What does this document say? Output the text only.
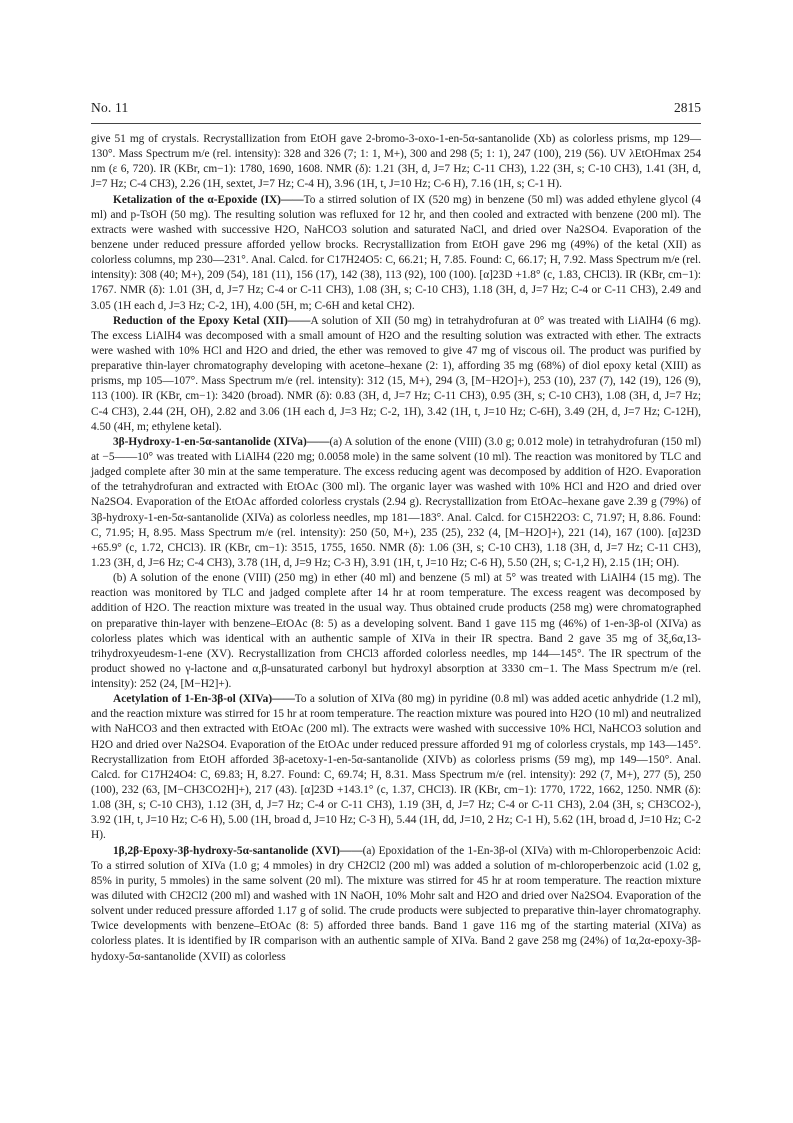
No. 11	2815

give 51 mg of crystals. Recrystallization from EtOH gave 2-bromo-3-oxo-1-en-5α-santanolide (Xb) as colorless prisms, mp 129—130°. Mass Spectrum m/e (rel. intensity): 328 and 326 (7; 1: 1, M+), 300 and 298 (5; 1: 1), 247 (100), 219 (56). UV λEtOHmax 254 nm (ε 6, 720). IR (KBr, cm−1): 1780, 1690, 1608. NMR (δ): 1.21 (3H, d, J=7 Hz; C-11 CH3), 1.22 (3H, s; C-10 CH3), 1.41 (3H, d, J=7 Hz; C-4 CH3), 2.26 (1H, sextet, J=7 Hz; C-4 H), 3.96 (1H, t, J=10 Hz; C-6 H), 7.16 (1H, s; C-1 H).

Ketalization of the α-Epoxide (IX)——To a stirred solution of IX (520 mg) in benzene (50 ml) was added ethylene glycol (4 ml) and p-TsOH (50 mg). The resulting solution was refluxed for 12 hr, and then cooled and extracted with benzene (200 ml). The extracts were washed with successive H2O, NaHCO3 solution and saturated NaCl, and dried over Na2SO4. Evaporation of the benzene under reduced pressure afforded yellow brocks. Recrystallization from EtOH gave 296 mg (49%) of the ketal (XII) as colorless columns, mp 230—231°. Anal. Calcd. for C17H24O5: C, 66.21; H, 7.85. Found: C, 66.17; H, 7.92. Mass Spectrum m/e (rel. intensity): 308 (40; M+), 209 (54), 181 (11), 156 (17), 142 (38), 113 (92), 100 (100). [α]23D +1.8° (c, 1.83, CHCl3). IR (KBr, cm−1): 1767. NMR (δ): 1.01 (3H, d, J=7 Hz; C-4 or C-11 CH3), 1.08 (3H, s; C-10 CH3), 1.18 (3H, d, J=7 Hz; C-4 or C-11 CH3), 2.49 and 3.05 (1H each d, J=3 Hz; C-2, 1H), 4.00 (5H, m; C-6H and ketal CH2).

Reduction of the Epoxy Ketal (XII)——A solution of XII (50 mg) in tetrahydrofuran at 0° was treated with LiAlH4 (6 mg). The excess LiAlH4 was decomposed with a small amount of H2O and the resulting solution was extracted with ether. The extracts were washed with 10% HCl and H2O and dried, the ether was removed to give 47 mg of viscous oil. The product was purified by preparative thin-layer chromatography developing with acetone–hexane (2: 1), affording 35 mg (68%) of diol epoxy ketal (XIII) as prisms, mp 105—107°. Mass Spectrum m/e (rel. intensity): 312 (15, M+), 294 (3, [M−H2O]+), 253 (10), 237 (7), 142 (19), 126 (9), 113 (100). IR (KBr, cm−1): 3420 (broad). NMR (δ): 0.83 (3H, d, J=7 Hz; C-11 CH3), 0.95 (3H, s; C-10 CH3), 1.08 (3H, d, J=7 Hz; C-4 CH3), 2.44 (2H, OH), 2.82 and 3.06 (1H each d, J=3 Hz; C-2, 1H), 3.42 (1H, t, J=10 Hz; C-6H), 3.49 (2H, d, J=7 Hz; C-12H), 4.50 (4H, m; ethylene ketal).

3β-Hydroxy-1-en-5α-santanolide (XIVa)——(a) A solution of the enone (VIII) (3.0 g; 0.012 mole) in tetrahydrofuran (150 ml) at −5——10° was treated with LiAlH4 (220 mg; 0.0058 mole) in the same solvent (10 ml). The reaction was monitored by TLC and jadged complete after 30 min at the same temperature. The excess reducing agent was decomposed by addition of H2O. Evaporation of the tetrahydrofuran and extracted with EtOAc (300 ml). The organic layer was washed with 10% HCl and H2O and dried over Na2SO4. Evaporation of the EtOAc afforded colorless crystals (2.94 g). Recrystallization from EtOAc–hexane gave 2.39 g (79%) of 3β-hydroxy-1-en-5α-santanolide (XIVa) as colorless needles, mp 181—183°. Anal. Calcd. for C15H22O3: C, 71.97; H, 8.86. Found: C, 71.95; H, 8.95. Mass Spectrum m/e (rel. intensity): 250 (50, M+), 235 (25), 232 (4, [M−H2O]+), 221 (14), 167 (100). [α]23D +65.9° (c, 1.72, CHCl3). IR (KBr, cm−1): 3515, 1755, 1650. NMR (δ): 1.06 (3H, s; C-10 CH3), 1.18 (3H, d, J=7 Hz; C-11 CH3), 1.23 (3H, d, J=6 Hz; C-4 CH3), 3.78 (1H, d, J=9 Hz; C-3 H), 3.91 (1H, t, J=10 Hz; C-6 H), 5.50 (2H, s; C-1,2 H), 2.15 (1H; OH).

(b) A solution of the enone (VIII) (250 mg) in ether (40 ml) and benzene (5 ml) at 5° was treated with LiAlH4 (15 mg). The reaction was monitored by TLC and jadged complete after 14 hr at room temperature. The excess reagent was decomposed by addition of H2O. The reaction mixture was treated in the usual way. Thus obtained crude products (258 mg) were chromatographed on preparative thin-layer with benzene–EtOAc (8: 5) as a developing solvent. Band 1 gave 115 mg (46%) of 1-en-3β-ol (XIVa) as colorless plates which was identical with an authentic sample of XIVa in their IR spectra. Band 2 gave 35 mg of 3ξ,6α,13-trihydroxyeudesm-1-ene (XV). Recrystallization from CHCl3 afforded colorless needles, mp 144—145°. The IR spectrum of the product showed no γ-lactone and α,β-unsaturated carbonyl but hydroxyl absorption at 3330 cm−1. The Mass Spectrum m/e (rel. intensity): 252 (24, [M−H2]+).

Acetylation of 1-En-3β-ol (XIVa)——To a solution of XIVa (80 mg) in pyridine (0.8 ml) was added acetic anhydride (1.2 ml), and the reaction mixture was stirred for 15 hr at room temperature. The reaction mixture was poured into H2O (10 ml) and neutralized with NaHCO3 and then extracted with EtOAc (200 ml). The extracts were washed with successive 10% HCl, NaHCO3 solution and H2O and dried over Na2SO4. Evaporation of the EtOAc under reduced pressure afforded 91 mg of colorless crystals, mp 143—145°. Recrystallization from EtOH afforded 3β-acetoxy-1-en-5α-santanolide (XIVb) as colorless prisms (59 mg), mp 149—150°. Anal. Calcd. for C17H24O4: C, 69.83; H, 8.27. Found: C, 69.74; H, 8.31. Mass Spectrum m/e (rel. intensity): 292 (7, M+), 277 (5), 250 (100), 232 (63, [M−CH3CO2H]+), 217 (43). [α]23D +143.1° (c, 1.37, CHCl3). IR (KBr, cm−1): 1770, 1722, 1662, 1250. NMR (δ): 1.08 (3H, s; C-10 CH3), 1.12 (3H, d, J=7 Hz; C-4 or C-11 CH3), 1.19 (3H, d, J=7 Hz; C-4 or C-11 CH3), 2.04 (3H, s; CH3CO2-), 3.92 (1H, t, J=10 Hz; C-6 H), 5.00 (1H, broad d, J=10 Hz; C-3 H), 5.44 (1H, dd, J=10, 2 Hz; C-1 H), 5.62 (1H, broad d, J=10 Hz; C-2 H).

1β,2β-Epoxy-3β-hydroxy-5α-santanolide (XVI)——(a) Epoxidation of the 1-En-3β-ol (XIVa) with m-Chloroperbenzoic Acid: To a stirred solution of XIVa (1.0 g; 4 mmoles) in dry CH2Cl2 (200 ml) was added a solution of m-chloroperbenzoic acid (1.02 g, 85% in purity, 5 mmoles) in the same solvent (20 ml). The mixture was stirred for 45 hr at room temperature. The reaction mixture was diluted with CH2Cl2 (200 ml) and washed with 1N NaOH, 10% Mohr salt and H2O and dried over Na2SO4. Evaporation of the solvent under reduced pressure afforded 1.17 g of solid. The crude products were subjected to preparative thin-layer chromatography. Twice developments with benzene–EtOAc (8: 5) afforded three bands. Band 1 gave 116 mg of the starting material (XIVa) as colorless plates. It is identified by IR comparison with an authentic sample of XIVa. Band 2 gave 258 mg (24%) of 1α,2α-epoxy-3β-hydoxy-5α-santanolide (XVII) as colorless
